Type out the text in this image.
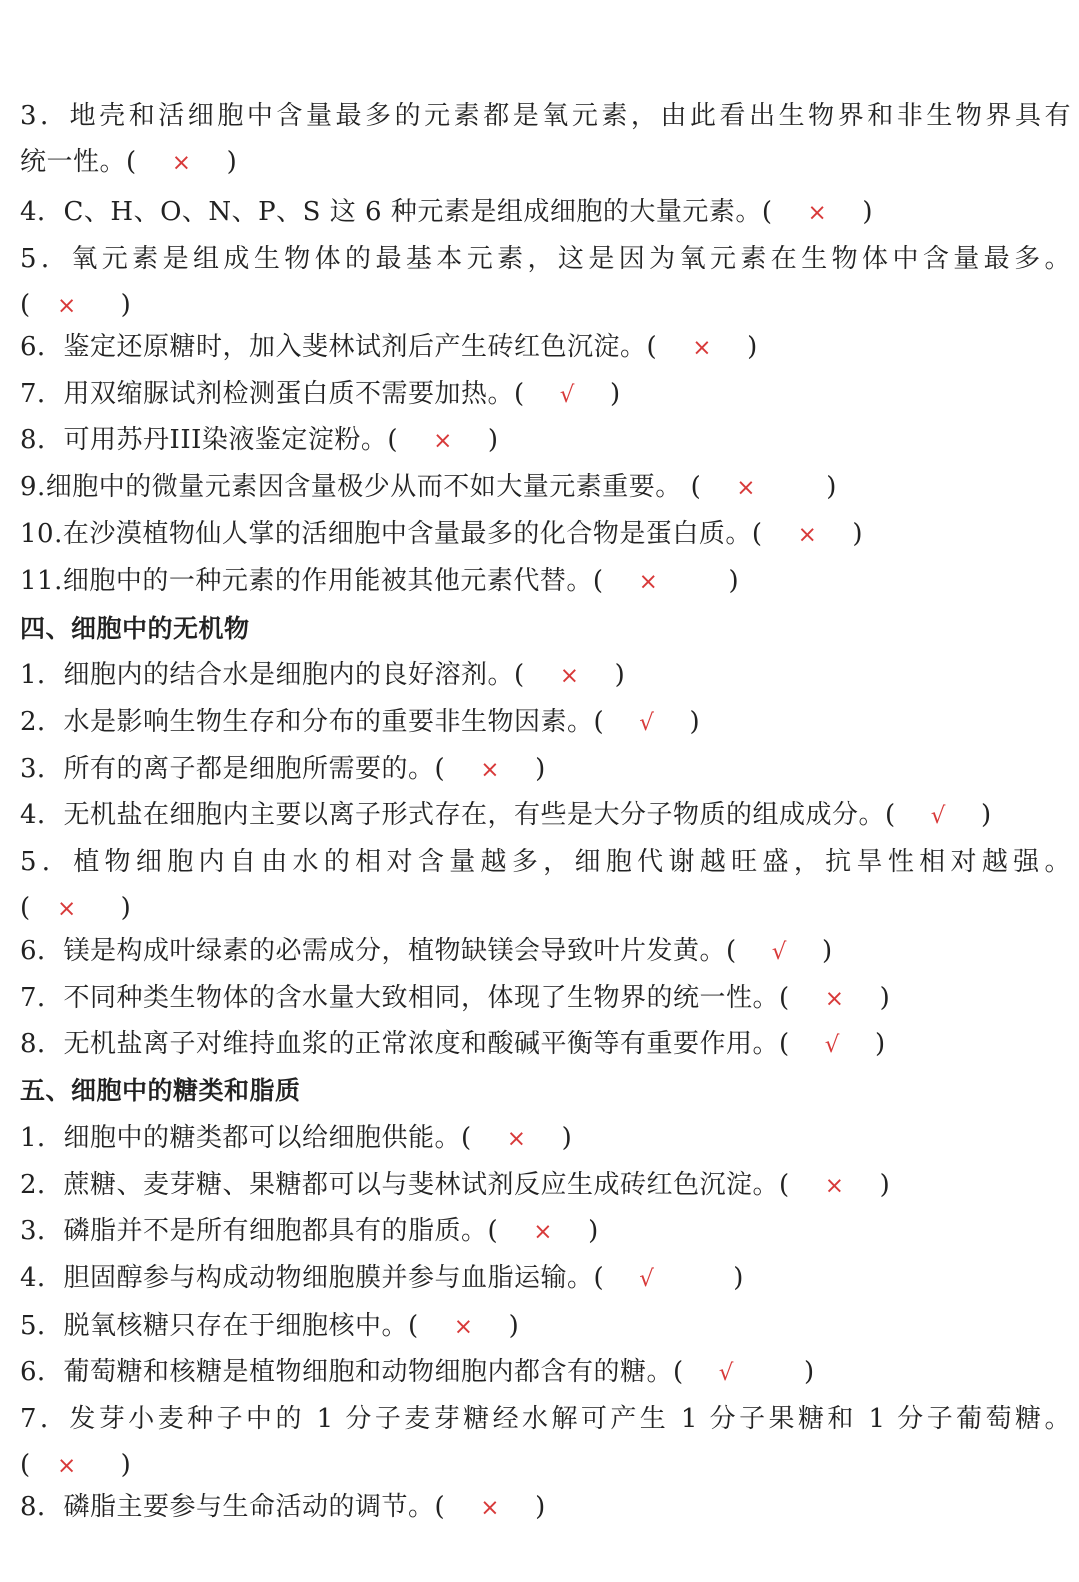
3．地壳和活细胞中含量最多的元素都是氧元素，由此看出生物界和非生物界具有
统一性。( × )
4．C、H、O、N、P、S 这 6 种元素是组成细胞的大量元素。( × )
5．氧元素是组成生物体的最基本元素，这是因为氧元素在生物体中含量最多。
( × )
6．鉴定还原糖时，加入斐林试剂后产生砖红色沉淀。( × )
7．用双缩脲试剂检测蛋白质不需要加热。( √ )
8．可用苏丹III染液鉴定淀粉。( × )
9.细胞中的微量元素因含量极少从而不如大量元素重要。 ( ×	)
10.在沙漠植物仙人掌的活细胞中含量最多的化合物是蛋白质。( × )
11.细胞中的一种元素的作用能被其他元素代替。( ×	)
四、细胞中的无机物
1．细胞内的结合水是细胞内的良好溶剂。( × )
2．水是影响生物生存和分布的重要非生物因素。( √ )
3．所有的离子都是细胞所需要的。( × )
4．无机盐在细胞内主要以离子形式存在，有些是大分子物质的组成成分。( √ )
5．植物细胞内自由水的相对含量越多，细胞代谢越旺盛，抗旱性相对越强。
( × )
6．镁是构成叶绿素的必需成分，植物缺镁会导致叶片发黄。( √ )
7．不同种类生物体的含水量大致相同，体现了生物界的统一性。( × )
8．无机盐离子对维持血浆的正常浓度和酸碱平衡等有重要作用。( √ )
五、细胞中的糖类和脂质
1．细胞中的糖类都可以给细胞供能。( × )
2．蔗糖、麦芽糖、果糖都可以与斐林试剂反应生成砖红色沉淀。( × )
3．磷脂并不是所有细胞都具有的脂质。( × )
4．胆固醇参与构成动物细胞膜并参与血脂运输。( √	)
5．脱氧核糖只存在于细胞核中。( × )
6．葡萄糖和核糖是植物细胞和动物细胞内都含有的糖。( √	)
7．发芽小麦种子中的 1 分子麦芽糖经水解可产生 1 分子果糖和 1 分子葡萄糖。
( × )
8．磷脂主要参与生命活动的调节。( × )
